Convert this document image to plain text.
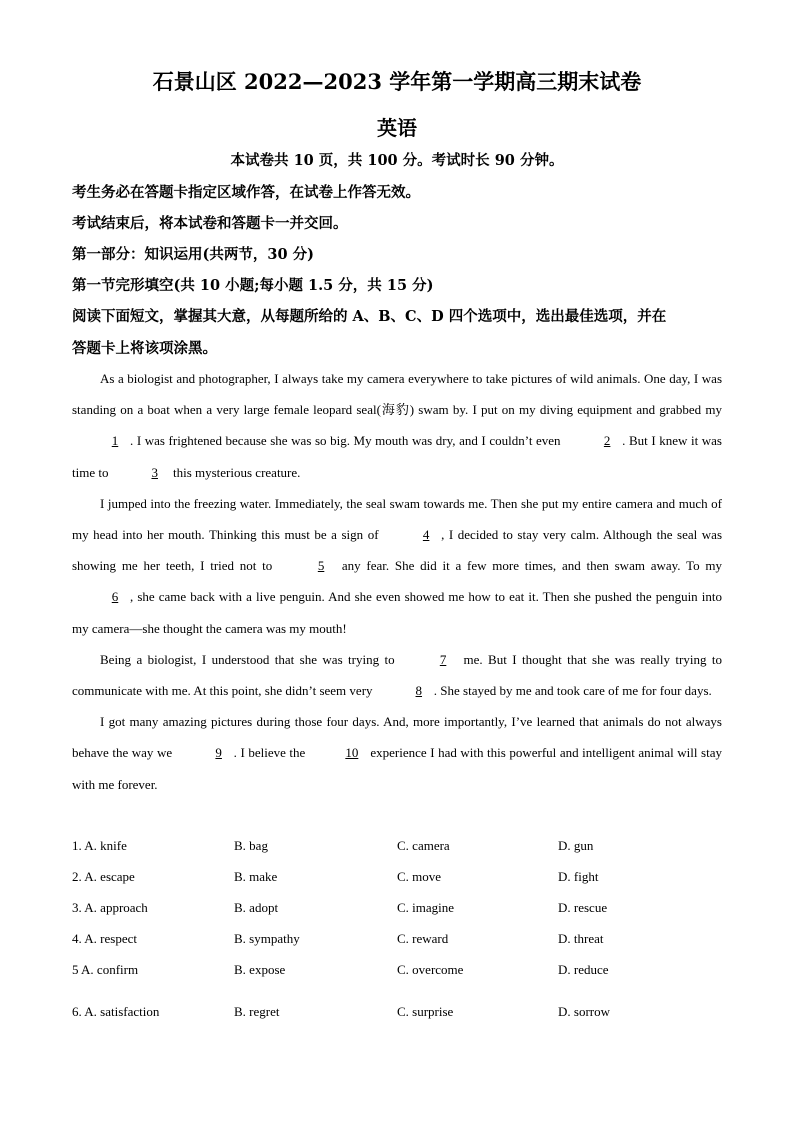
石景山区 2022—2023 学年第一学期高三期末试卷
英语
本试卷共 10 页，共 100 分。考试时长 90 分钟。
考生务必在答题卡指定区域作答，在试卷上作答无效。
考试结束后，将本试卷和答题卡一并交回。
第一部分：知识运用(共两节，30 分)
第一节完形填空(共 10 小题;每小题 1.5 分，共 15 分)
阅读下面短文，掌握其大意，从每题所给的 A、B、C、D 四个选项中，选出最佳选项，并在
答题卡上将该项涂黑。

As a biologist and photographer, I always take my camera everywhere to take pictures of wild animals. One day, I was standing on a boat when a very large female leopard seal(海豹) swam by. I put on my diving equipment and grabbed my 1 . I was frightened because she was so big. My mouth was dry, and I couldn’t even	2 . But I knew it was time to	3 this mysterious creature.

I jumped into the freezing water. Immediately, the seal swam towards me. Then she put my entire camera and much of my head into her mouth. Thinking this must be a sign of	4 , I decided to stay very calm. Although the seal was showing me her teeth, I tried not to	5 any fear. She did it a few more times, and then swam away. To my 6 , she came back with a live penguin. And she even showed me how to eat it. Then she pushed the penguin into my camera—she thought the camera was my mouth!

Being a biologist, I understood that she was trying to	7 me. But I thought that she was really trying to communicate with me. At this point, she didn’t seem very	8 . She stayed by me and took care of me for four days.

I got many amazing pictures during those four days. And, more importantly, I’ve learned that animals do not always behave the way we	9 . I believe the	10 experience I had with this powerful and intelligent animal will stay with me forever.

1. A. knife	B. bag	C. camera	D. gun
2. A. escape	B. make	C. move	D. fight
3. A. approach	B. adopt	C. imagine	D. rescue
4. A. respect	B. sympathy	C. reward	D. threat
5 A. confirm	B. expose	C. overcome	D. reduce
6. A. satisfaction	B. regret	C. surprise	D. sorrow
